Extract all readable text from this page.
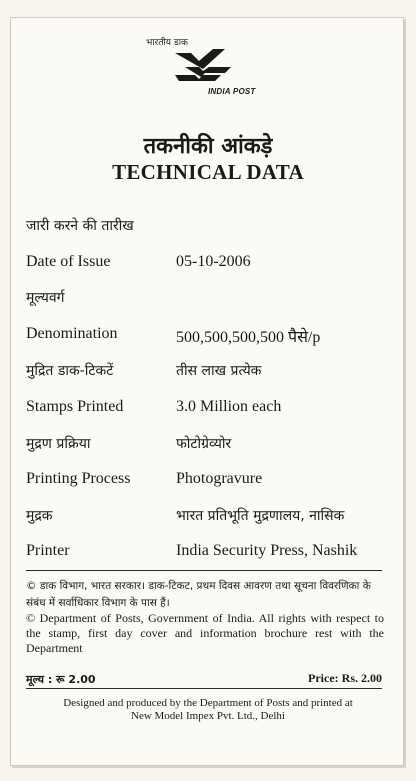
भारतीय डाक
INDIA POST
तकनीकी आंकड़े
TECHNICAL DATA
जारी करने की तारीख
Date of Issue	05-10-2006
मूल्यवर्ग
Denomination	500,500,500,500 पैसे/p
मुद्रित डाक-टिकटें	तीस लाख प्रत्येक
Stamps Printed	3.0 Million each
मुद्रण प्रक्रिया	फोटोग्रेव्योर
Printing Process	Photogravure
मुद्रक	भारत प्रतिभूति मुद्रणालय, नासिक
Printer	India Security Press, Nashik
© डाक विभाग, भारत सरकार। डाक-टिकट, प्रथम दिवस आवरण तथा सूचना विवरणिका के संबंध में सर्वाधिकार विभाग के पास हैं।
© Department of Posts, Government of India. All rights with respect to the stamp, first day cover and information brochure rest with the Department
मूल्य : रू 2.00	Price: Rs. 2.00
Designed and produced by the Department of Posts and printed at
New Model Impex Pvt. Ltd., Delhi
